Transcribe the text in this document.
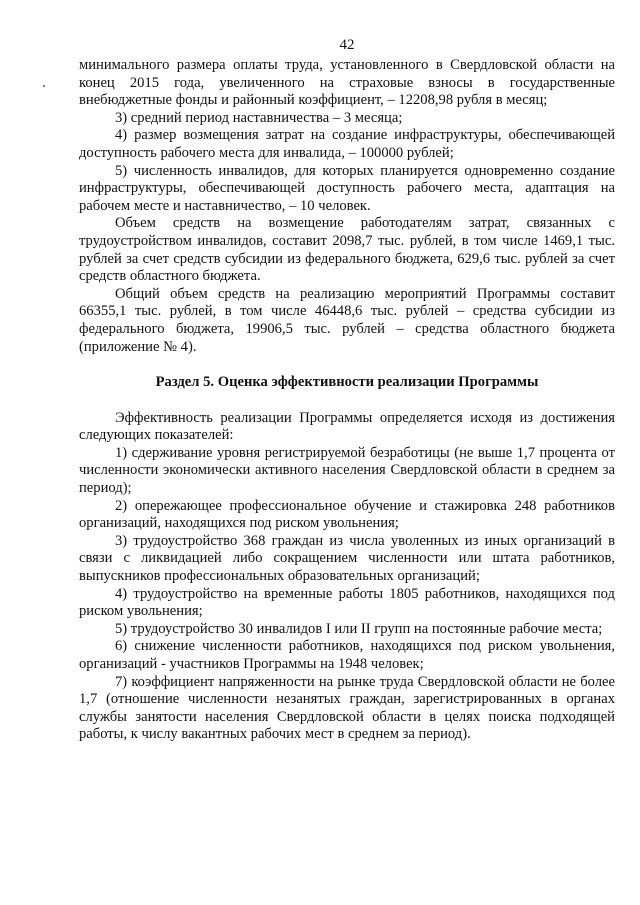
42

минимального размера оплаты труда, установленного в Свердловской области на конец 2015 года, увеличенного на страховые взносы в государственные внебюджетные фонды и районный коэффициент, – 12208,98 рубля в месяц;

3) средний период наставничества – 3 месяца;

4) размер возмещения затрат на создание инфраструктуры, обеспечивающей доступность рабочего места для инвалида, – 100000 рублей;

5) численность инвалидов, для которых планируется одновременно создание инфраструктуры, обеспечивающей доступность рабочего места, адаптация на рабочем месте и наставничество, – 10 человек.

Объем средств на возмещение работодателям затрат, связанных с трудоустройством инвалидов, составит 2098,7 тыс. рублей, в том числе 1469,1 тыс. рублей за счет средств субсидии из федерального бюджета, 629,6 тыс. рублей за счет средств областного бюджета.

Общий объем средств на реализацию мероприятий Программы составит 66355,1 тыс. рублей, в том числе 46448,6 тыс. рублей – средства субсидии из федерального бюджета, 19906,5 тыс. рублей – средства областного бюджета (приложение № 4).

Раздел 5. Оценка эффективности реализации Программы

Эффективность реализации Программы определяется исходя из достижения следующих показателей:

1) сдерживание уровня регистрируемой безработицы (не выше 1,7 процента от численности экономически активного населения Свердловской области в среднем за период);

2) опережающее профессиональное обучение и стажировка 248 работников организаций, находящихся под риском увольнения;

3) трудоустройство 368 граждан из числа уволенных из иных организаций в связи с ликвидацией либо сокращением численности или штата работников, выпускников профессиональных образовательных организаций;

4) трудоустройство на временные работы 1805 работников, находящихся под риском увольнения;

5) трудоустройство 30 инвалидов I или II групп на постоянные рабочие места;

6) снижение численности работников, находящихся под риском увольнения, организаций - участников Программы на 1948 человек;

7) коэффициент напряженности на рынке труда Свердловской области не более 1,7 (отношение численности незанятых граждан, зарегистрированных в органах службы занятости населения Свердловской области в целях поиска подходящей работы, к числу вакантных рабочих мест в среднем за период).
